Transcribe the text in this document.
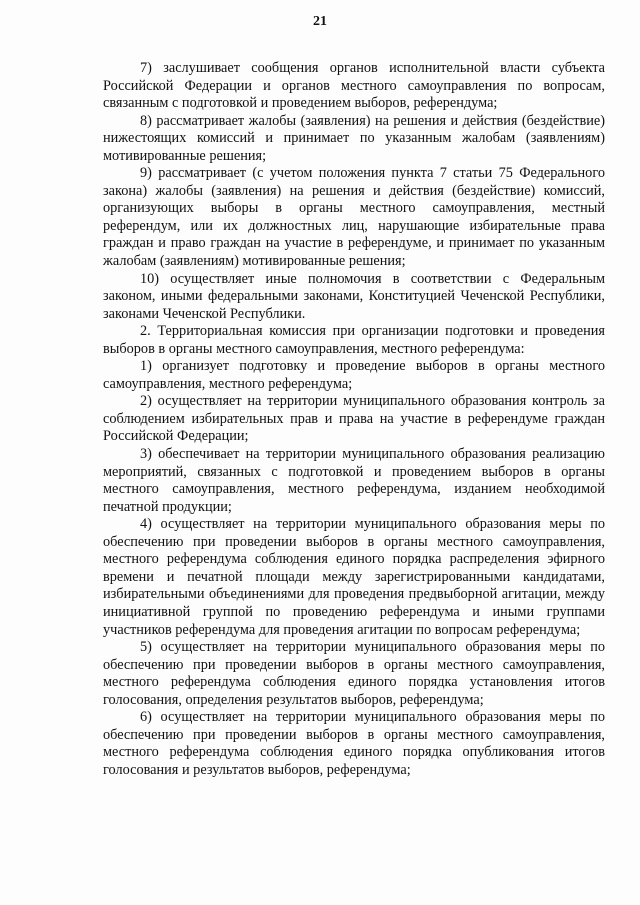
21

7) заслушивает сообщения органов исполнительной власти субъекта Российской Федерации и органов местного самоуправления по вопросам, связанным с подготовкой и проведением выборов, референдума;

8) рассматривает жалобы (заявления) на решения и действия (бездействие) нижестоящих комиссий и принимает по указанным жалобам (заявлениям) мотивированные решения;

9) рассматривает (с учетом положения пункта 7 статьи 75 Федерального закона) жалобы (заявления) на решения и действия (бездействие) комиссий, организующих выборы в органы местного самоуправления, местный референдум, или их должностных лиц, нарушающие избирательные права граждан и право граждан на участие в референдуме, и принимает по указанным жалобам (заявлениям) мотивированные решения;

10) осуществляет иные полномочия в соответствии с Федеральным законом, иными федеральными законами, Конституцией Чеченской Республики, законами Чеченской Республики.

2. Территориальная комиссия при организации подготовки и проведения выборов в органы местного самоуправления, местного референдума:

1) организует подготовку и проведение выборов в органы местного самоуправления, местного референдума;

2) осуществляет на территории муниципального образования контроль за соблюдением избирательных прав и права на участие в референдуме граждан Российской Федерации;

3) обеспечивает на территории муниципального образования реализацию мероприятий, связанных с подготовкой и проведением выборов в органы местного самоуправления, местного референдума, изданием необходимой печатной продукции;

4) осуществляет на территории муниципального образования меры по обеспечению при проведении выборов в органы местного самоуправления, местного референдума соблюдения единого порядка распределения эфирного времени и печатной площади между зарегистрированными кандидатами, избирательными объединениями для проведения предвыборной агитации, между инициативной группой по проведению референдума и иными группами участников референдума для проведения агитации по вопросам референдума;

5) осуществляет на территории муниципального образования меры по обеспечению при проведении выборов в органы местного самоуправления, местного референдума соблюдения единого порядка установления итогов голосования, определения результатов выборов, референдума;

6) осуществляет на территории муниципального образования меры по обеспечению при проведении выборов в органы местного самоуправления, местного референдума соблюдения единого порядка опубликования итогов голосования и результатов выборов, референдума;
